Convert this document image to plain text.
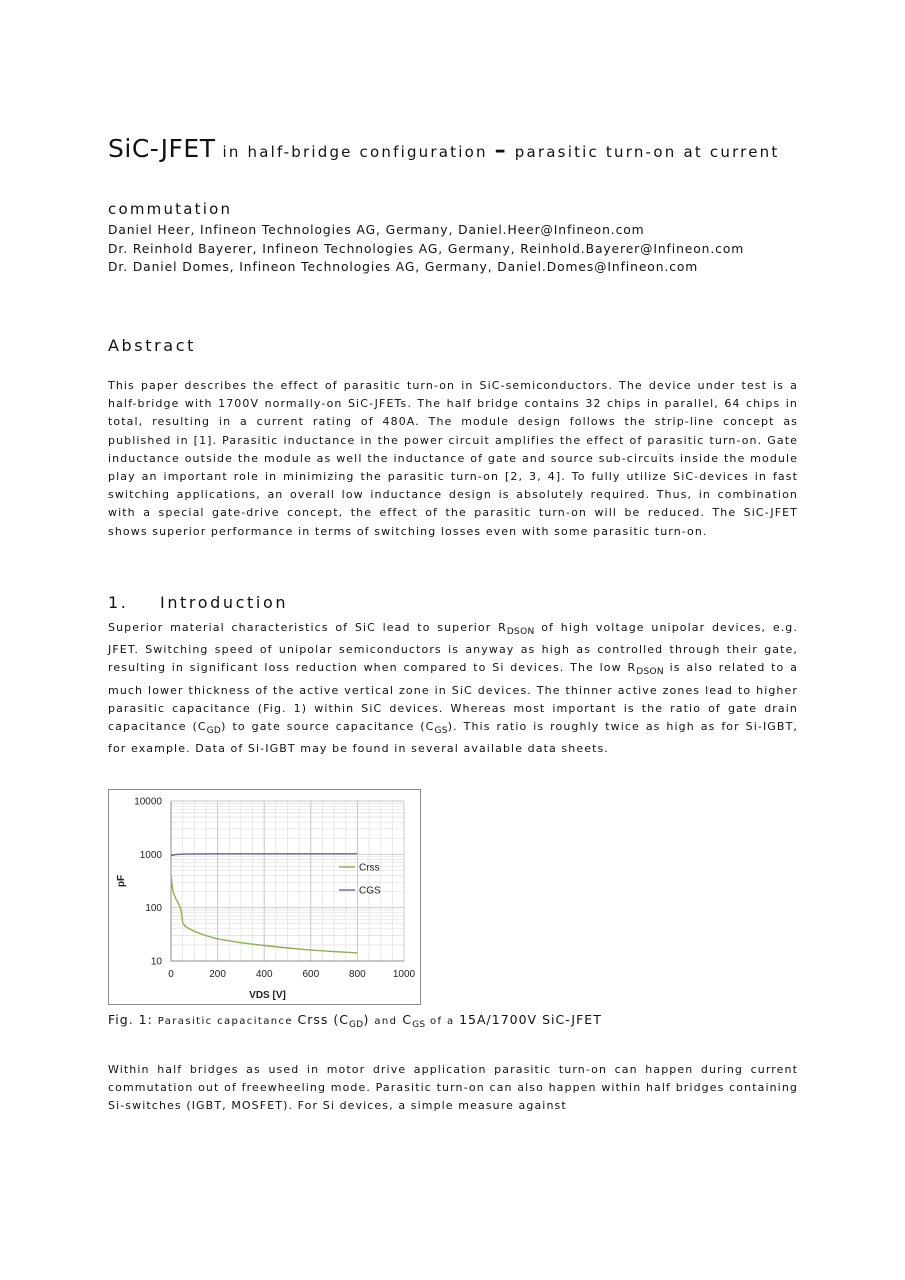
SiC-JFET in half-bridge configuration – parasitic turn-on at current commutation
Daniel Heer, Infineon Technologies AG, Germany, Daniel.Heer@Infineon.com
Dr. Reinhold Bayerer, Infineon Technologies AG, Germany, Reinhold.Bayerer@Infineon.com
Dr. Daniel Domes, Infineon Technologies AG, Germany, Daniel.Domes@Infineon.com
Abstract

This paper describes the effect of parasitic turn-on in SiC-semiconductors. The device under test is a half-bridge with 1700V normally-on SiC-JFETs. The half bridge contains 32 chips in parallel, 64 chips in total, resulting in a current rating of 480A. The module design follows the strip-line concept as published in [1]. Parasitic inductance in the power circuit amplifies the effect of parasitic turn-on. Gate inductance outside the module as well the inductance of gate and source sub-circuits inside the module play an important role in minimizing the parasitic turn-on [2, 3, 4]. To fully utilize SiC-devices in fast switching applications, an overall low inductance design is absolutely required. Thus, in combination with a special gate-drive concept, the effect of the parasitic turn-on will be reduced. The SiC-JFET shows superior performance in terms of switching losses even with some parasitic turn-on.

1. Introduction

Superior material characteristics of SiC lead to superior $R_{DSON}$ of high voltage unipolar devices, e.g. JFET. Switching speed of unipolar semiconductors is anyway as high as controlled through their gate, resulting in significant loss reduction when compared to Si devices. The low $R_{DSON}$ is also related to a much lower thickness of the active vertical zone in SiC devices. The thinner active zones lead to higher parasitic capacitance (Fig. 1) within SiC devices. Whereas most important is the ratio of gate drain capacitance $(C_{GD})$ to gate source capacitance $(C_{GS})$. This ratio is roughly twice as high as for Si-IGBT, for example. Data of Si-IGBT may be found in several available data sheets.

10
100
1000
10000
0	200	400	600	800	1000
Crss
CGS
VDS [V]
pF
Fig. 1: Parasitic capacitance Crss $(C_{GD})$ and $C_{GS}$ of a 15A/1700V SiC-JFET

Within half bridges as used in motor drive application parasitic turn-on can happen during current commutation out of freewheeling mode. Parasitic turn-on can also happen within half bridges containing Si-switches (IGBT, MOSFET). For Si devices, a simple measure against
